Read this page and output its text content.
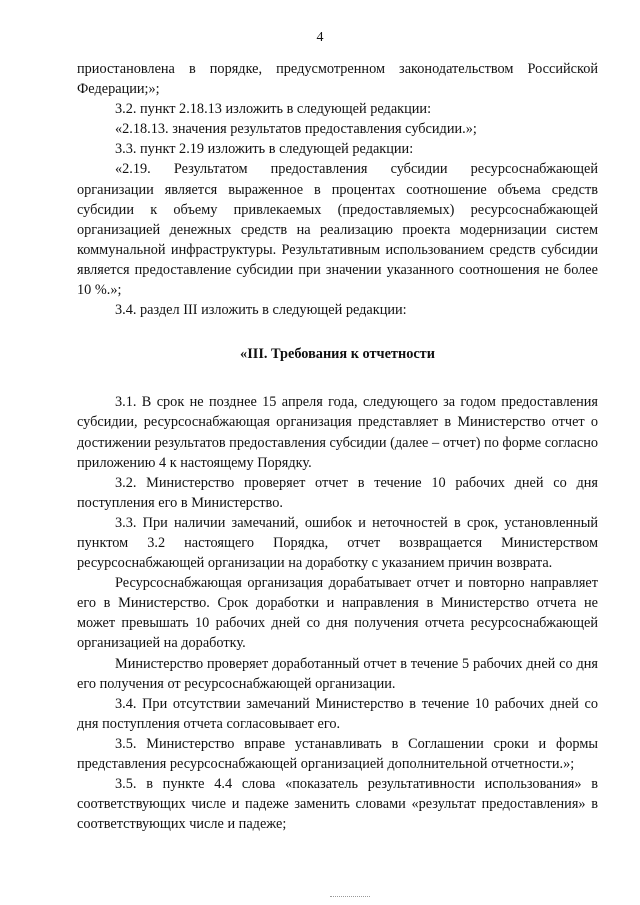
4

приостановлена в порядке, предусмотренном законодательством Российской Федерации;»;

3.2. пункт 2.18.13 изложить в следующей редакции:

«2.18.13. значения результатов предоставления субсидии.»;

3.3. пункт 2.19 изложить в следующей редакции:

«2.19. Результатом предоставления субсидии ресурсоснабжающей организации является выраженное в процентах соотношение объема средств субсидии к объему привлекаемых (предоставляемых) ресурсоснабжающей организацией денежных средств на реализацию проекта модернизации систем коммунальной инфраструктуры. Результативным использованием средств субсидии является предоставление субсидии при значении указанного соотношения не более 10 %.»;

3.4. раздел III изложить в следующей редакции:

«III. Требования к отчетности

3.1. В срок не позднее 15 апреля года, следующего за годом предоставления субсидии, ресурсоснабжающая организация представляет в Министерство отчет о достижении результатов предоставления субсидии (далее – отчет) по форме согласно приложению 4 к настоящему Порядку.

3.2. Министерство проверяет отчет в течение 10 рабочих дней со дня поступления его в Министерство.

3.3. При наличии замечаний, ошибок и неточностей в срок, установленный пунктом 3.2 настоящего Порядка, отчет возвращается Министерством ресурсоснабжающей организации на доработку с указанием причин возврата.

Ресурсоснабжающая организация дорабатывает отчет и повторно направляет его в Министерство. Срок доработки и направления в Министерство отчета не может превышать 10 рабочих дней со дня получения отчета ресурсоснабжающей организацией на доработку.

Министерство проверяет доработанный отчет в течение 5 рабочих дней со дня его получения от ресурсоснабжающей организации.

3.4. При отсутствии замечаний Министерство в течение 10 рабочих дней со дня поступления отчета согласовывает его.

3.5. Министерство вправе устанавливать в Соглашении сроки и формы представления ресурсоснабжающей организацией дополнительной отчетности.»;

3.5. в пункте 4.4 слова «показатель результативности использования» в соответствующих числе и падеже заменить словами «результат предоставления» в соответствующих числе и падеже;
